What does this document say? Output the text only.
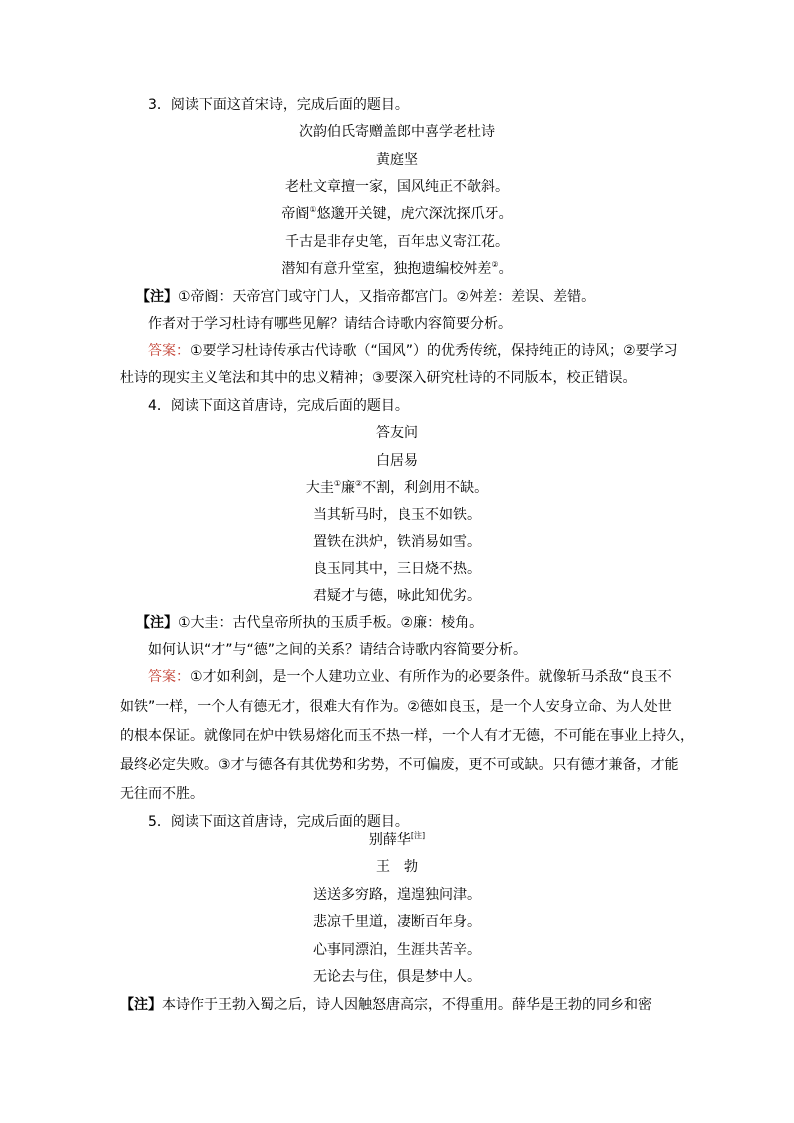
3．阅读下面这首宋诗，完成后面的题目。
次韵伯氏寄赠盖郎中喜学老杜诗
黄庭坚
老杜文章擅一家，国风纯正不欹斜。
帝阍①悠邈开关键，虎穴深沈探爪牙。
千古是非存史笔，百年忠义寄江花。
潜知有意升堂室，独抱遗编校舛差②。
【注】①帝阍：天帝宫门或守门人，又指帝都宫门。②舛差：差误、差错。
作者对于学习杜诗有哪些见解？请结合诗歌内容简要分析。
答案：①要学习杜诗传承古代诗歌（“国风”）的优秀传统，保持纯正的诗风；②要学习
杜诗的现实主义笔法和其中的忠义精神；③要深入研究杜诗的不同版本，校正错误。
4．阅读下面这首唐诗，完成后面的题目。
答友问
白居易
大圭①廉②不割，利剑用不缺。
当其斩马时，良玉不如铁。
置铁在洪炉，铁消易如雪。
良玉同其中，三日烧不热。
君疑才与德，咏此知优劣。
【注】①大圭：古代皇帝所执的玉质手板。②廉：棱角。
如何认识“才”与“德”之间的关系？请结合诗歌内容简要分析。
答案：①才如利剑，是一个人建功立业、有所作为的必要条件。就像斩马杀敌“良玉不
如铁”一样，一个人有德无才，很难大有作为。②德如良玉，是一个人安身立命、为人处世
的根本保证。就像同在炉中铁易熔化而玉不热一样，一个人有才无德，不可能在事业上持久，
最终必定失败。③才与德各有其优势和劣势，不可偏废，更不可或缺。只有德才兼备，才能
无往而不胜。
5．阅读下面这首唐诗，完成后面的题目。
别薛华[注]
王　勃
送送多穷路，遑遑独问津。
悲凉千里道，凄断百年身。
心事同漂泊，生涯共苦辛。
无论去与住，俱是梦中人。
【注】本诗作于王勃入蜀之后，诗人因触怒唐高宗，不得重用。薛华是王勃的同乡和密
